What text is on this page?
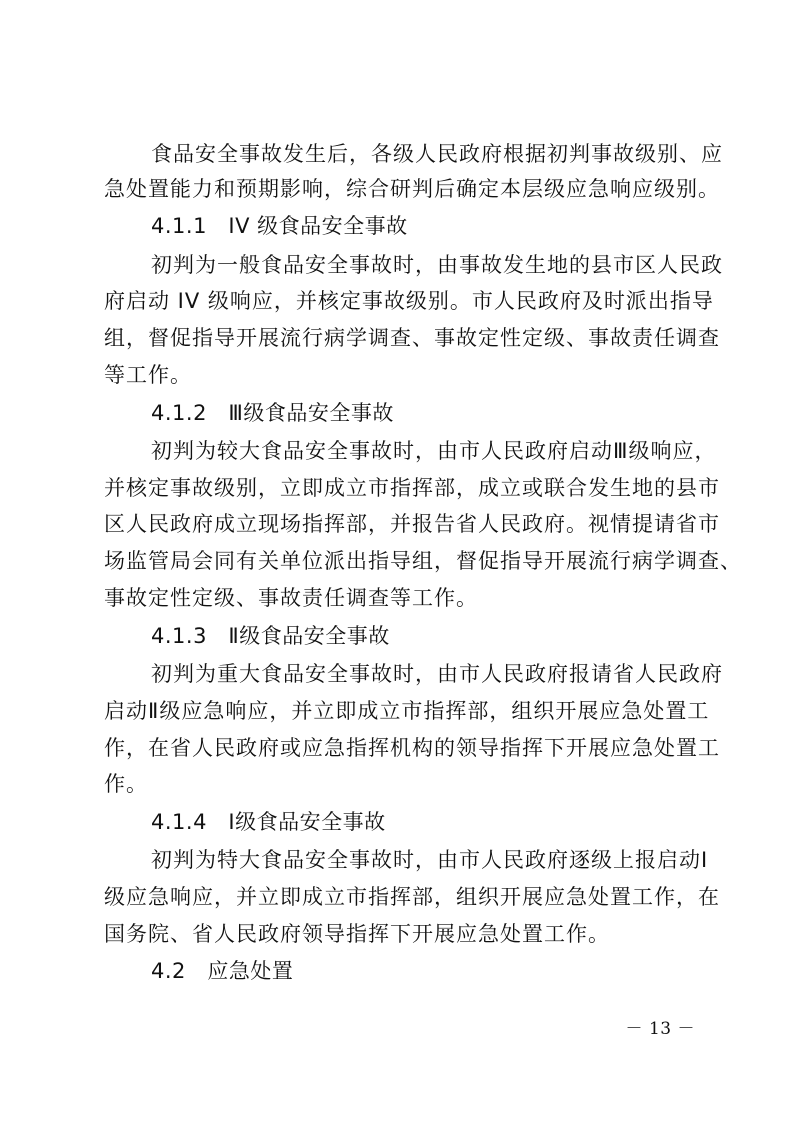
食品安全事故发生后，各级人民政府根据初判事故级别、应
急处置能力和预期影响，综合研判后确定本层级应急响应级别。
4.1.1　IV 级食品安全事故
初判为一般食品安全事故时，由事故发生地的县市区人民政
府启动 IV 级响应，并核定事故级别。市人民政府及时派出指导
组，督促指导开展流行病学调查、事故定性定级、事故责任调查
等工作。
4.1.2　Ⅲ级食品安全事故
初判为较大食品安全事故时，由市人民政府启动Ⅲ级响应，
并核定事故级别，立即成立市指挥部，成立或联合发生地的县市
区人民政府成立现场指挥部，并报告省人民政府。视情提请省市
场监管局会同有关单位派出指导组，督促指导开展流行病学调查、
事故定性定级、事故责任调查等工作。
4.1.3　Ⅱ级食品安全事故
初判为重大食品安全事故时，由市人民政府报请省人民政府
启动Ⅱ级应急响应，并立即成立市指挥部，组织开展应急处置工
作，在省人民政府或应急指挥机构的领导指挥下开展应急处置工
作。
4.1.4　I级食品安全事故
初判为特大食品安全事故时，由市人民政府逐级上报启动I
级应急响应，并立即成立市指挥部，组织开展应急处置工作，在
国务院、省人民政府领导指挥下开展应急处置工作。
4.2　应急处置
－ 13 －
